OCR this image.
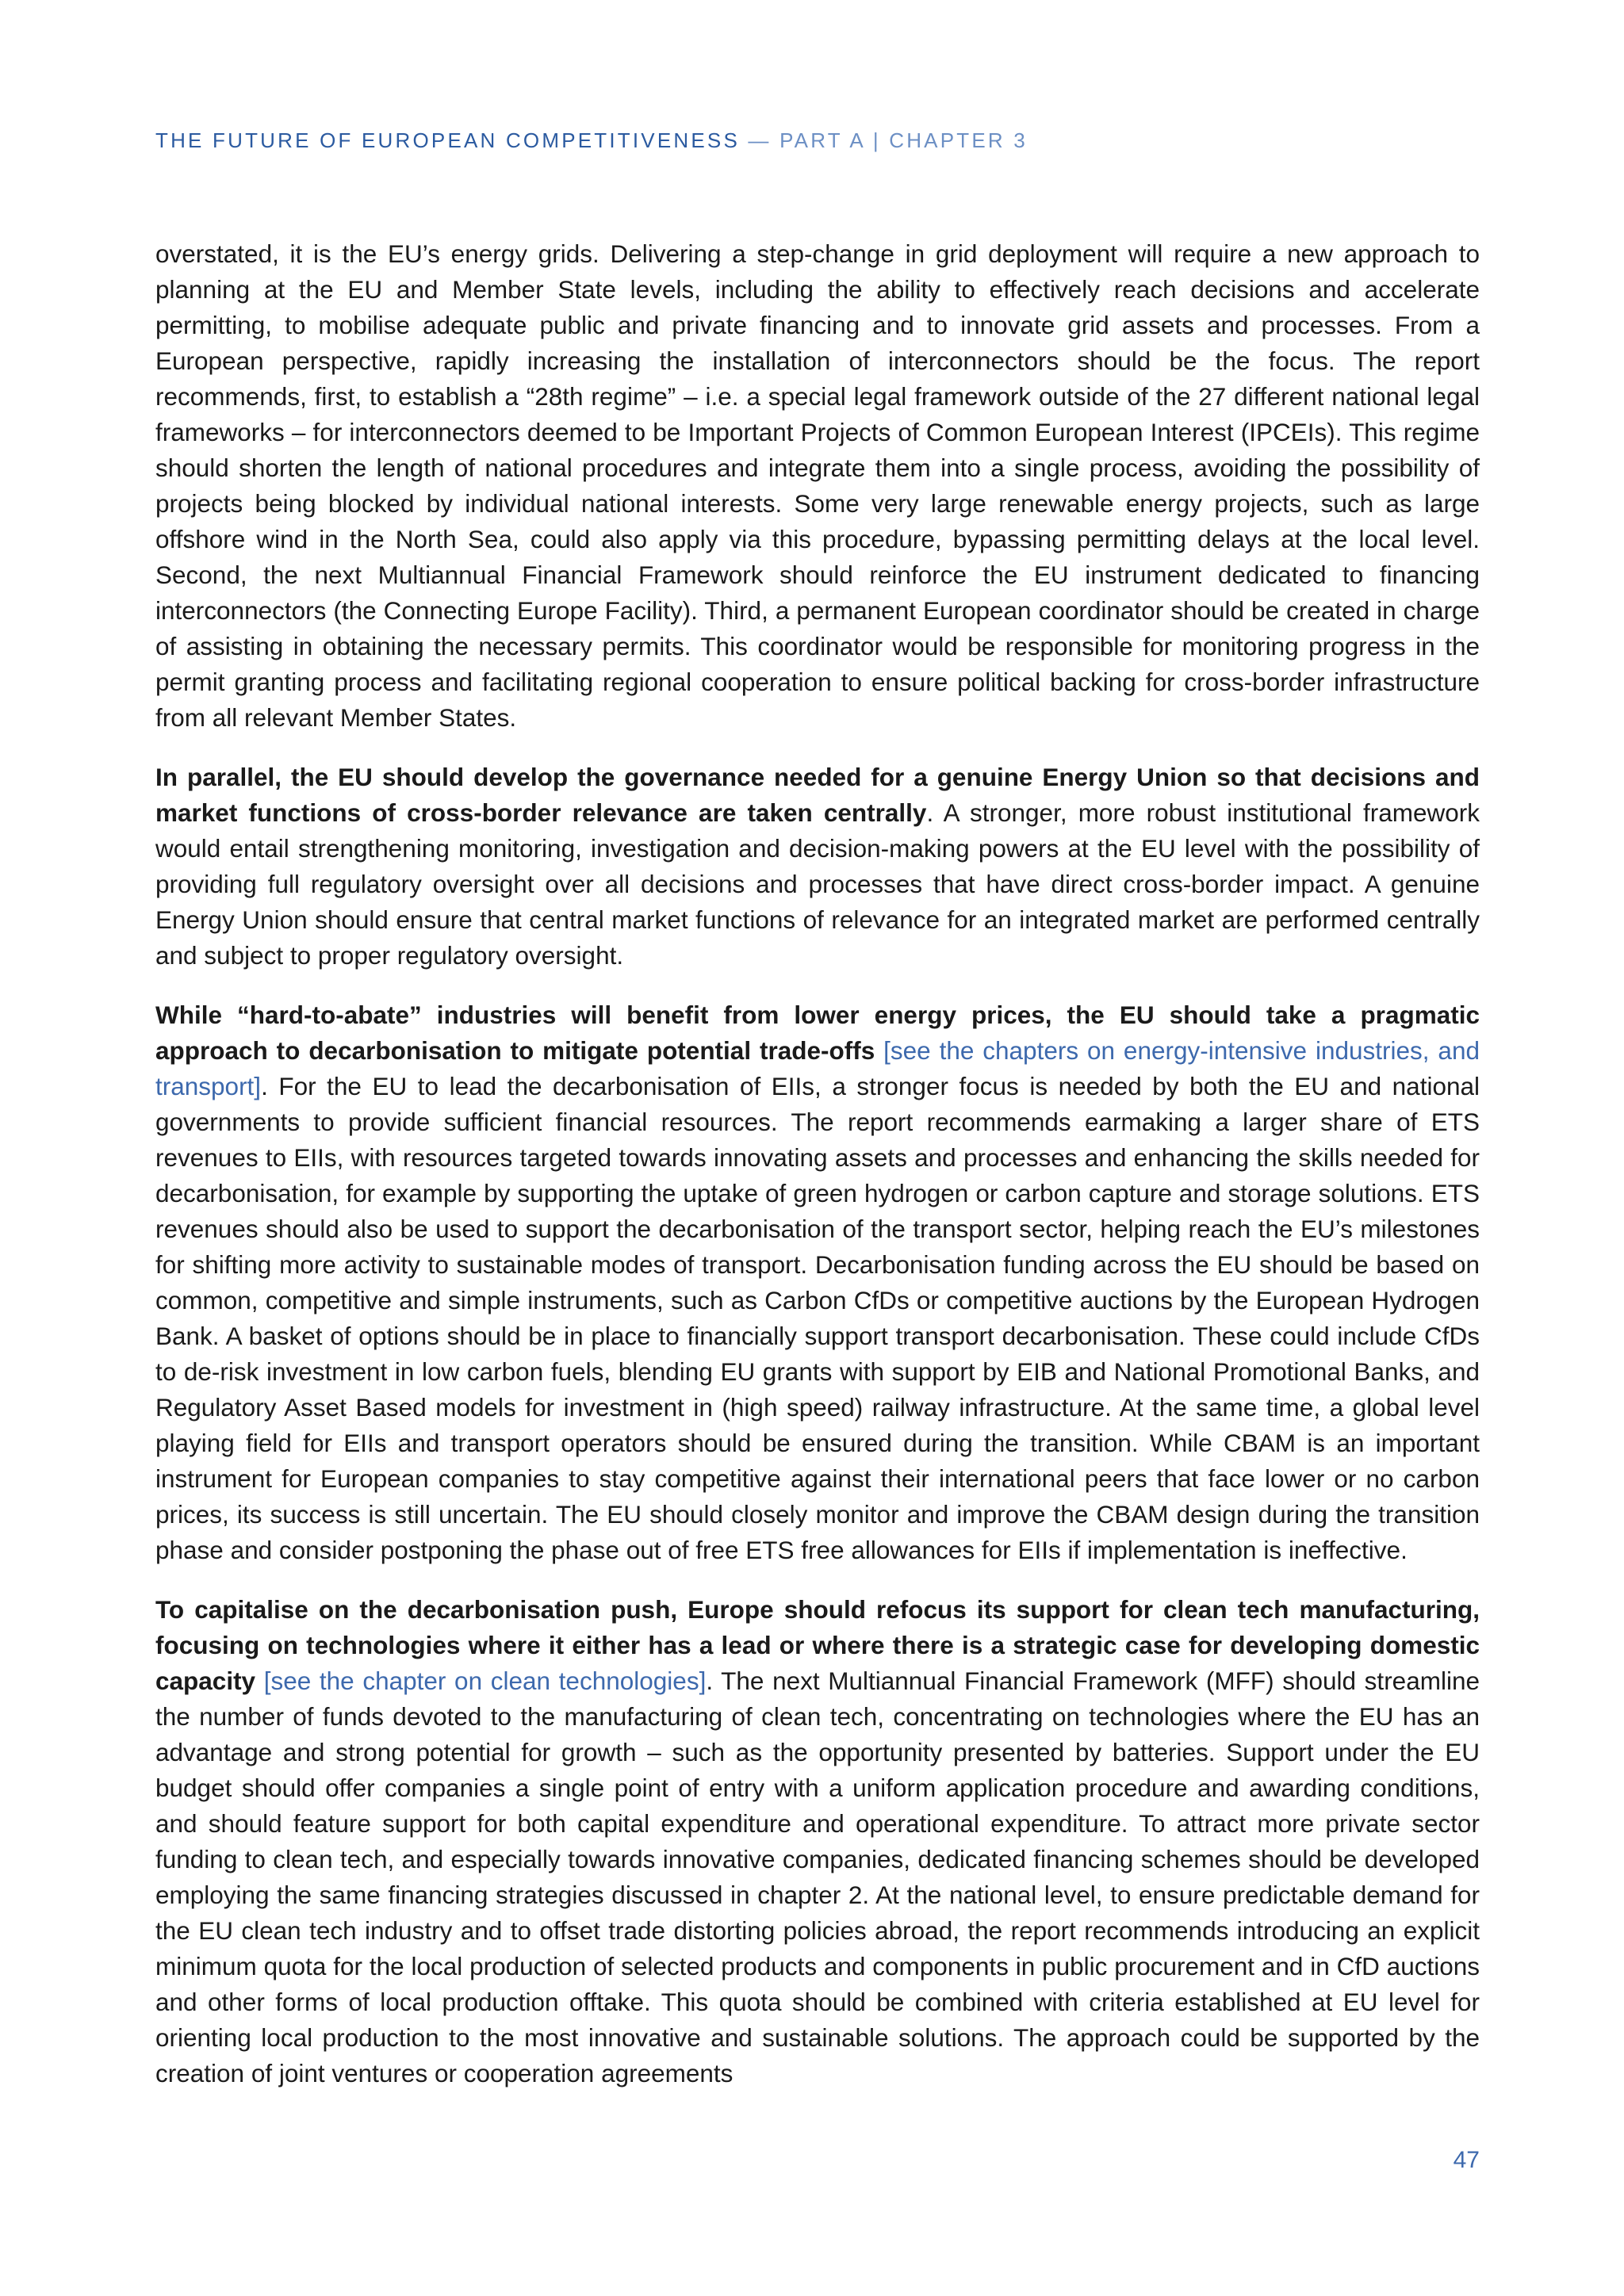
THE FUTURE OF EUROPEAN COMPETITIVENESS — PART A | CHAPTER 3

overstated, it is the EU’s energy grids. Delivering a step-change in grid deployment will require a new approach to planning at the EU and Member State levels, including the ability to effectively reach decisions and accelerate permitting, to mobilise adequate public and private financing and to innovate grid assets and processes. From a European perspective, rapidly increasing the installation of interconnectors should be the focus. The report recommends, first, to establish a “28th regime” – i.e. a special legal framework outside of the 27 different national legal frameworks – for interconnectors deemed to be Important Projects of Common European Interest (IPCEIs). This regime should shorten the length of national procedures and integrate them into a single process, avoiding the possibility of projects being blocked by individual national interests. Some very large renewable energy projects, such as large offshore wind in the North Sea, could also apply via this procedure, bypassing permitting delays at the local level. Second, the next Multiannual Financial Framework should reinforce the EU instrument dedicated to financing interconnectors (the Connecting Europe Facility). Third, a permanent European coordinator should be created in charge of assisting in obtaining the necessary permits. This coordinator would be responsible for monitoring progress in the permit granting process and facilitating regional cooperation to ensure political backing for cross-border infrastructure from all relevant Member States.

In parallel, the EU should develop the governance needed for a genuine Energy Union so that decisions and market functions of cross-border relevance are taken centrally. A stronger, more robust institutional framework would entail strengthening monitoring, investigation and decision-making powers at the EU level with the possibility of providing full regulatory oversight over all decisions and processes that have direct cross-border impact. A genuine Energy Union should ensure that central market functions of relevance for an integrated market are performed centrally and subject to proper regulatory oversight.

While “hard-to-abate” industries will benefit from lower energy prices, the EU should take a pragmatic approach to decarbonisation to mitigate potential trade-offs [see the chapters on energy-intensive industries, and transport]. For the EU to lead the decarbonisation of EIIs, a stronger focus is needed by both the EU and national governments to provide sufficient financial resources. The report recommends earmaking a larger share of ETS revenues to EIIs, with resources targeted towards innovating assets and processes and enhancing the skills needed for decarbonisation, for example by supporting the uptake of green hydrogen or carbon capture and storage solutions. ETS revenues should also be used to support the decarbonisation of the transport sector, helping reach the EU’s milestones for shifting more activity to sustainable modes of transport. Decarbonisation funding across the EU should be based on common, competitive and simple instruments, such as Carbon CfDs or competitive auctions by the European Hydrogen Bank. A basket of options should be in place to financially support transport decarbonisation. These could include CfDs to de-risk investment in low carbon fuels, blending EU grants with support by EIB and National Promotional Banks, and Regulatory Asset Based models for investment in (high speed) railway infrastructure. At the same time, a global level playing field for EIIs and transport operators should be ensured during the transition. While CBAM is an important instrument for European companies to stay competitive against their international peers that face lower or no carbon prices, its success is still uncertain. The EU should closely monitor and improve the CBAM design during the transition phase and consider postponing the phase out of free ETS free allowances for EIIs if implementation is ineffective.

To capitalise on the decarbonisation push, Europe should refocus its support for clean tech manufacturing, focusing on technologies where it either has a lead or where there is a strategic case for developing domestic capacity [see the chapter on clean technologies]. The next Multiannual Financial Framework (MFF) should streamline the number of funds devoted to the manufacturing of clean tech, concentrating on technologies where the EU has an advantage and strong potential for growth – such as the opportunity presented by batteries. Support under the EU budget should offer companies a single point of entry with a uniform application procedure and awarding conditions, and should feature support for both capital expenditure and operational expenditure. To attract more private sector funding to clean tech, and especially towards innovative companies, dedicated financing schemes should be developed employing the same financing strategies discussed in chapter 2. At the national level, to ensure predictable demand for the EU clean tech industry and to offset trade distorting policies abroad, the report recommends introducing an explicit minimum quota for the local production of selected products and components in public procurement and in CfD auctions and other forms of local production offtake. This quota should be combined with criteria established at EU level for orienting local production to the most innovative and sustainable solutions. The approach could be supported by the creation of joint ventures or cooperation agreements

47
